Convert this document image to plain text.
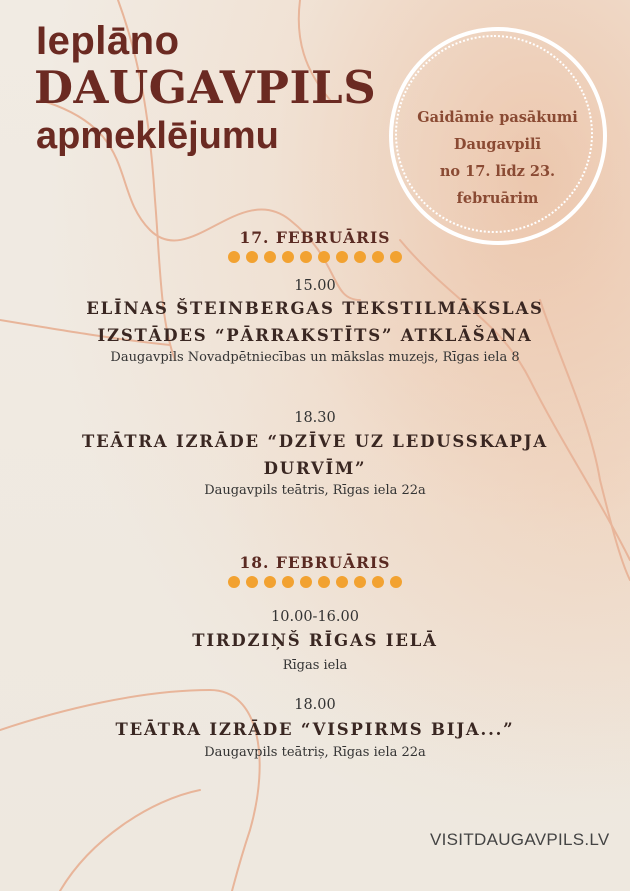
Ieplāno
DAUGAVPILS
apmeklējumu	Gaidāmie pasākumi
Daugavpilī
no 17. līdz 23.
februārim
17. FEBRUĀRIS
15.00
ELĪNAS ŠTEINBERGAS TEKSTILMĀKSLAS IZSTĀDES “PĀRRAKSTĪTS” ATKLĀŠANA
Daugavpils Novadpētniecības un mākslas muzejs, Rīgas iela 8
18.30
TEĀTRA IZRĀDE “DZĪVE UZ LEDUSSKAPJA DURVĪM”
Daugavpils teātris, Rīgas iela 22a
18. FEBRUĀRIS
10.00-16.00
TIRDZIŅŠ RĪGAS IELĀ
Rīgas iela
18.00
TEĀTRA IZRĀDE “VISPIRMS BIJA...”
Daugavpils teātriș, Rīgas iela 22a
VISITDAUGAVPILS.LV
